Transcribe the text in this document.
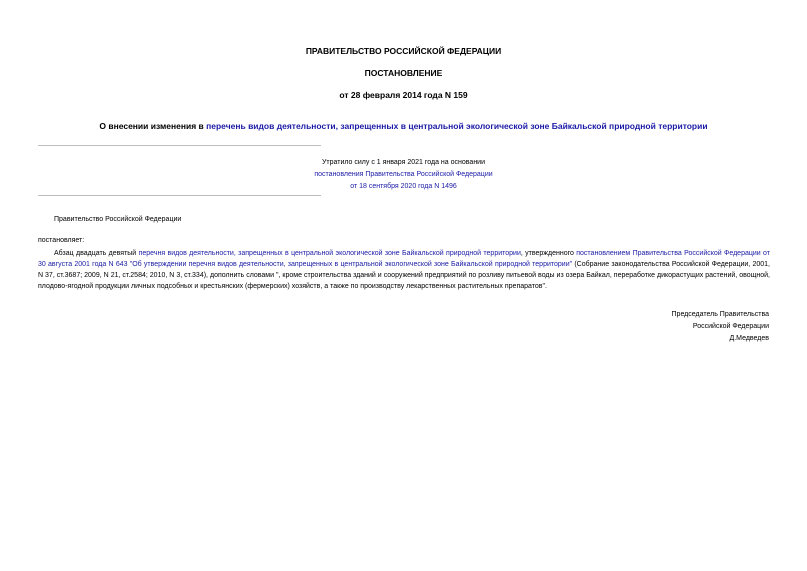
ПРАВИТЕЛЬСТВО РОССИЙСКОЙ ФЕДЕРАЦИИ
ПОСТАНОВЛЕНИЕ
от 28 февраля 2014 года N 159
О внесении изменения в перечень видов деятельности, запрещенных в центральной экологической зоне Байкальской природной территории
Утратило силу с 1 января 2021 года на основании
постановления Правительства Российской Федерации
от 18 сентября 2020 года N 1496
Правительство Российской Федерации
постановляет:
Абзац двадцать девятый перечня видов деятельности, запрещенных в центральной экологической зоне Байкальской природной территории, утвержденного постановлением Правительства Российской Федерации от 30 августа 2001 года N 643 "Об утверждении перечня видов деятельности, запрещенных в центральной экологической зоне Байкальской природной территории" (Собрание законодательства Российской Федерации, 2001, N 37, ст.3687; 2009, N 21, ст.2584; 2010, N 3, ст.334), дополнить словами ", кроме строительства зданий и сооружений предприятий по розливу питьевой воды из озера Байкал, переработке дикорастущих растений, овощной, плодово-ягодной продукции личных подсобных и крестьянских (фермерских) хозяйств, а также по производству лекарственных растительных препаратов".
Председатель Правительства
Российской Федерации
Д.Медведев
